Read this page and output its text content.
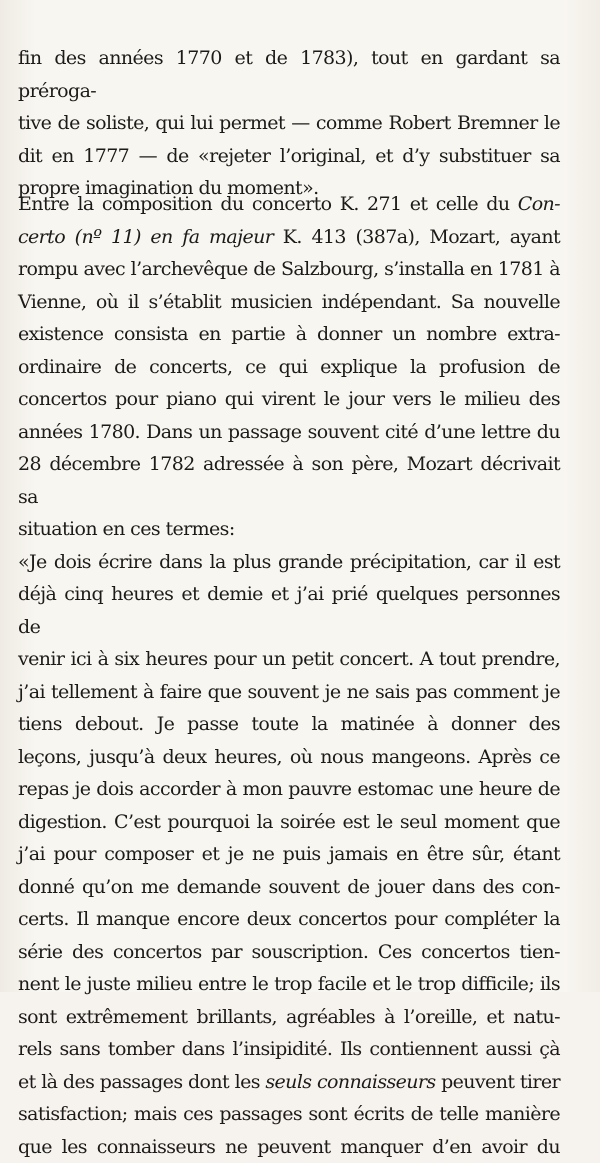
fin des années 1770 et de 1783), tout en gardant sa préroga-
tive de soliste, qui lui permet — comme Robert Bremner le
dit en 1777 — de «rejeter l’original, et d’y substituer sa
propre imagination du moment».
Entre la composition du concerto K. 271 et celle du Con-
certo (nº 11) en fa majeur K. 413 (387a), Mozart, ayant
rompu avec l’archevêque de Salzbourg, s’installa en 1781 à
Vienne, où il s’établit musicien indépendant. Sa nouvelle
existence consista en partie à donner un nombre extra-
ordinaire de concerts, ce qui explique la profusion de
concertos pour piano qui virent le jour vers le milieu des
années 1780. Dans un passage souvent cité d’une lettre du
28 décembre 1782 adressée à son père, Mozart décrivait sa
situation en ces termes:
«Je dois écrire dans la plus grande précipitation, car il est
déjà cinq heures et demie et j’ai prié quelques personnes de
venir ici à six heures pour un petit concert. A tout prendre,
j’ai tellement à faire que souvent je ne sais pas comment je
tiens debout. Je passe toute la matinée à donner des
leçons, jusqu’à deux heures, où nous mangeons. Après ce
repas je dois accorder à mon pauvre estomac une heure de
digestion. C’est pourquoi la soirée est le seul moment que
j’ai pour composer et je ne puis jamais en être sûr, étant
donné qu’on me demande souvent de jouer dans des con-
certs. Il manque encore deux concertos pour compléter la
série des concertos par souscription. Ces concertos tien-
nent le juste milieu entre le trop facile et le trop difficile; ils
sont extrêmement brillants, agréables à l’oreille, et natu-
rels sans tomber dans l’insipidité. Ils contiennent aussi çà
et là des passages dont les seuls connaisseurs peuvent tirer
satisfaction; mais ces passages sont écrits de telle manière
que les connaisseurs ne peuvent manquer d’en avoir du
